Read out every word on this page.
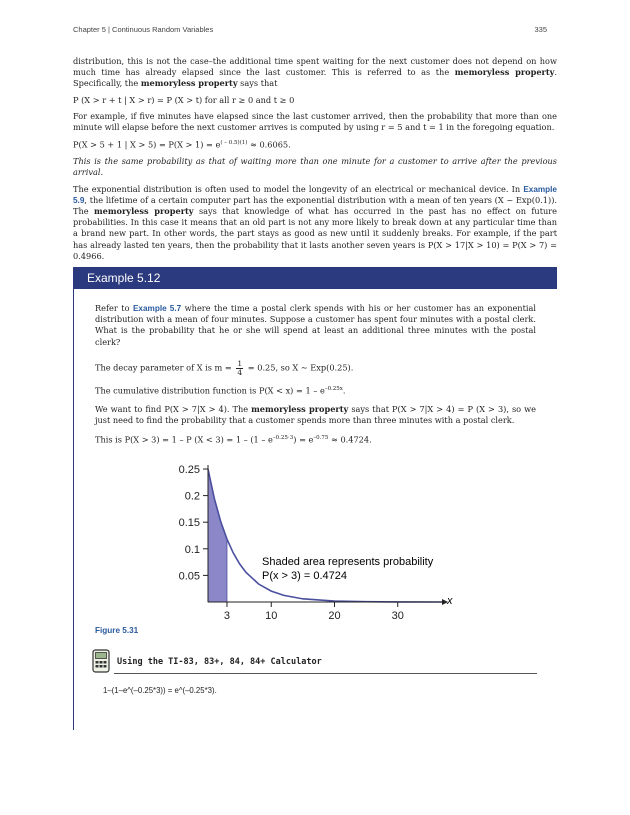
Chapter 5 | Continuous Random Variables	335

distribution, this is not the case–the additional time spent waiting for the next customer does not depend on how much time has already elapsed since the last customer. This is referred to as the memoryless property. Specifically, the memoryless property says that

P (X > r + t | X > r) = P (X > t) for all r ≥ 0 and t ≥ 0

For example, if five minutes have elapsed since the last customer arrived, then the probability that more than one minute will elapse before the next customer arrives is computed by using r = 5 and t = 1 in the foregoing equation.

P(X > 5 + 1 | $X > 5) = P(X > 1) = e^{( - 0.5)(1)} \approx 0.6065$.

This is the same probability as that of waiting more than one minute for a customer to arrive after the previous arrival.

The exponential distribution is often used to model the longevity of an electrical or mechanical device. In Example 5.9, the lifetime of a certain computer part has the exponential distribution with a mean of ten years (X ~ Exp(0.1)). The memoryless property says that knowledge of what has occurred in the past has no effect on future probabilities. In this case it means that an old part is not any more likely to break down at any particular time than a brand new part. In other words, the part stays as good as new until it suddenly breaks. For example, if the part has already lasted ten years, then the probability that it lasts another seven years is P(X > 17|X > 10) = P(X > 7) = 0.4966.

Example 5.12

Refer to Example 5.7 where the time a postal clerk spends with his or her customer has an exponential distribution with a mean of four minutes. Suppose a customer has spent four minutes with a postal clerk. What is the probability that he or she will spend at least an additional three minutes with the postal clerk?

The decay parameter of X is $m = \frac{1}{4} = 0.25$, so X ∼ Exp(0.25).

The cumulative distribution function is $P(X < x) = 1 - e^{-0.25x}$.

We want to find P(X > 7|X > 4). The memoryless property says that P(X > 7|X > 4) = P (X > 3), so we just need to find the probability that a customer spends more than three minutes with a postal clerk.

This is P(X > 3) = 1 – P $(X < 3) = 1 - (1 - e^{-0.25\cdot 3}) = e^{-0.75} \approx 0.4724$.

0.05
0.1
0.15
0.2
0.25
3	10	20	30
Shaded area represents probability
P(x > 3) = 0.4724
x
Figure 5.31
Using the TI-83, 83+, 84, 84+ Calculator
1–(1–e^(–0.25*3)) = e^(–0.25*3).
